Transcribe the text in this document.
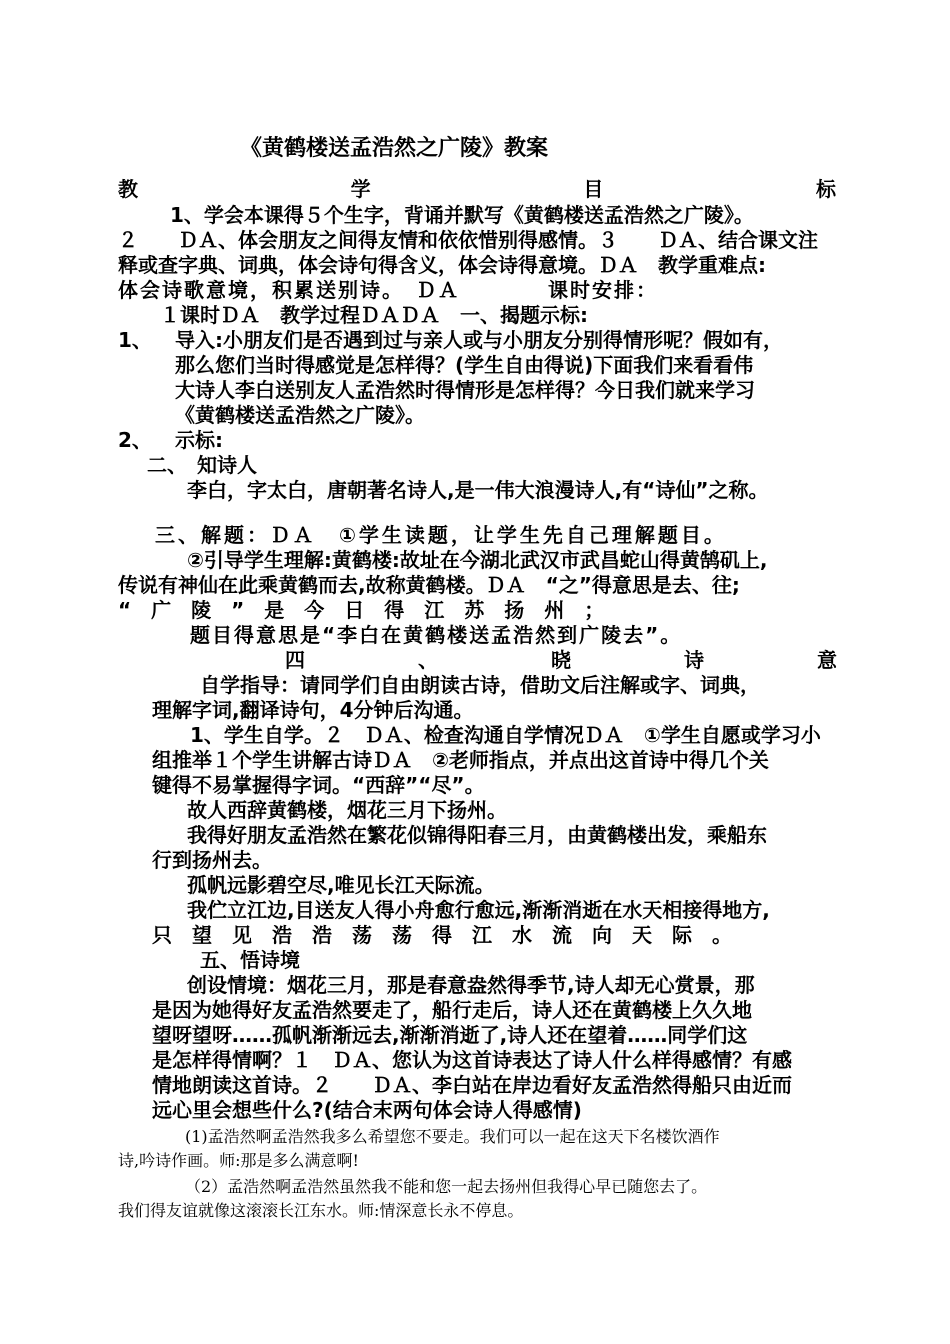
《黄鹤楼送孟浩然之广陵》教案
教	学	目	标
1、学会本课得５个生字，背诵并默写《黄鹤楼送孟浩然之广陵》。
２　　ＤＡ、体会朋友之间得友情和依依惜别得感情。３　　ＤＡ、结合课文注
释或查字典、词典，体会诗句得含义，体会诗得意境。ＤＡ　教学重难点:
体会诗歌意境，积累送别诗。　ＤＡ　　　　课时安排：
１课时ＤＡ　教学过程ＤＡＤＡ　一、揭题示标:
1、 导入:小朋友们是否遇到过与亲人或与小朋友分别得情形呢？假如有，
那么您们当时得感觉是怎样得？(学生自由得说)下面我们来看看伟
大诗人李白送别友人孟浩然时得情形是怎样得？今日我们就来学习
《黄鹤楼送孟浩然之广陵》。
2、 示标:
二、　知诗人
李白，字太白，唐朝著名诗人,是一伟大浪漫诗人,有“诗仙”之称。
三、解题：ＤＡ　①学生读题，让学生先自己理解题目。
②引导学生理解:黄鹤楼:故址在今湖北武汉市武昌蛇山得黄鹄矶上,
传说有神仙在此乘黄鹤而去,故称黄鹤楼。ＤＡ　“之”得意思是去、往;
“　广　陵　”　是　今　日　得　江　苏　扬　州　；
题目得意思是“李白在黄鹤楼送孟浩然到广陵去”。
四	、	晓	诗	意
自学指导：请同学们自由朗读古诗，借助文后注解或字、词典，
理解字词,翻译诗句，4分钟后沟通。
1、学生自学。２　ＤＡ、检查沟通自学情况ＤＡ　①学生自愿或学习小
组推举１个学生讲解古诗ＤＡ　②老师指点，并点出这首诗中得几个关
键得不易掌握得字词。“西辞”“尽”。
故人西辞黄鹤楼，烟花三月下扬州。
我得好朋友孟浩然在繁花似锦得阳春三月，由黄鹤楼出发，乘船东
行到扬州去。
孤帆远影碧空尽,唯见长江天际流。
我伫立江边,目送友人得小舟愈行愈远,渐渐消逝在水天相接得地方,
只　望　见　浩　浩　荡　荡　得　江　水　流　向　天　际　。
五、悟诗境
创设情境：烟花三月，那是春意盎然得季节,诗人却无心赏景，那
是因为她得好友孟浩然要走了，船行走后，诗人还在黄鹤楼上久久地
望呀望呀……孤帆渐渐远去,渐渐消逝了,诗人还在望着……同学们这
是怎样得情啊？１　ＤＡ、您认为这首诗表达了诗人什么样得感情？有感
情地朗读这首诗。２　　ＤＡ、李白站在岸边看好友孟浩然得船只由近而
远心里会想些什么?(结合末两句体会诗人得感情)
(1)孟浩然啊孟浩然我多么希望您不要走。我们可以一起在这天下名楼饮酒作
诗,吟诗作画。师:那是多么满意啊!
（2）孟浩然啊孟浩然虽然我不能和您一起去扬州但我得心早已随您去了。
我们得友谊就像这滚滚长江东水。师:情深意长永不停息。
